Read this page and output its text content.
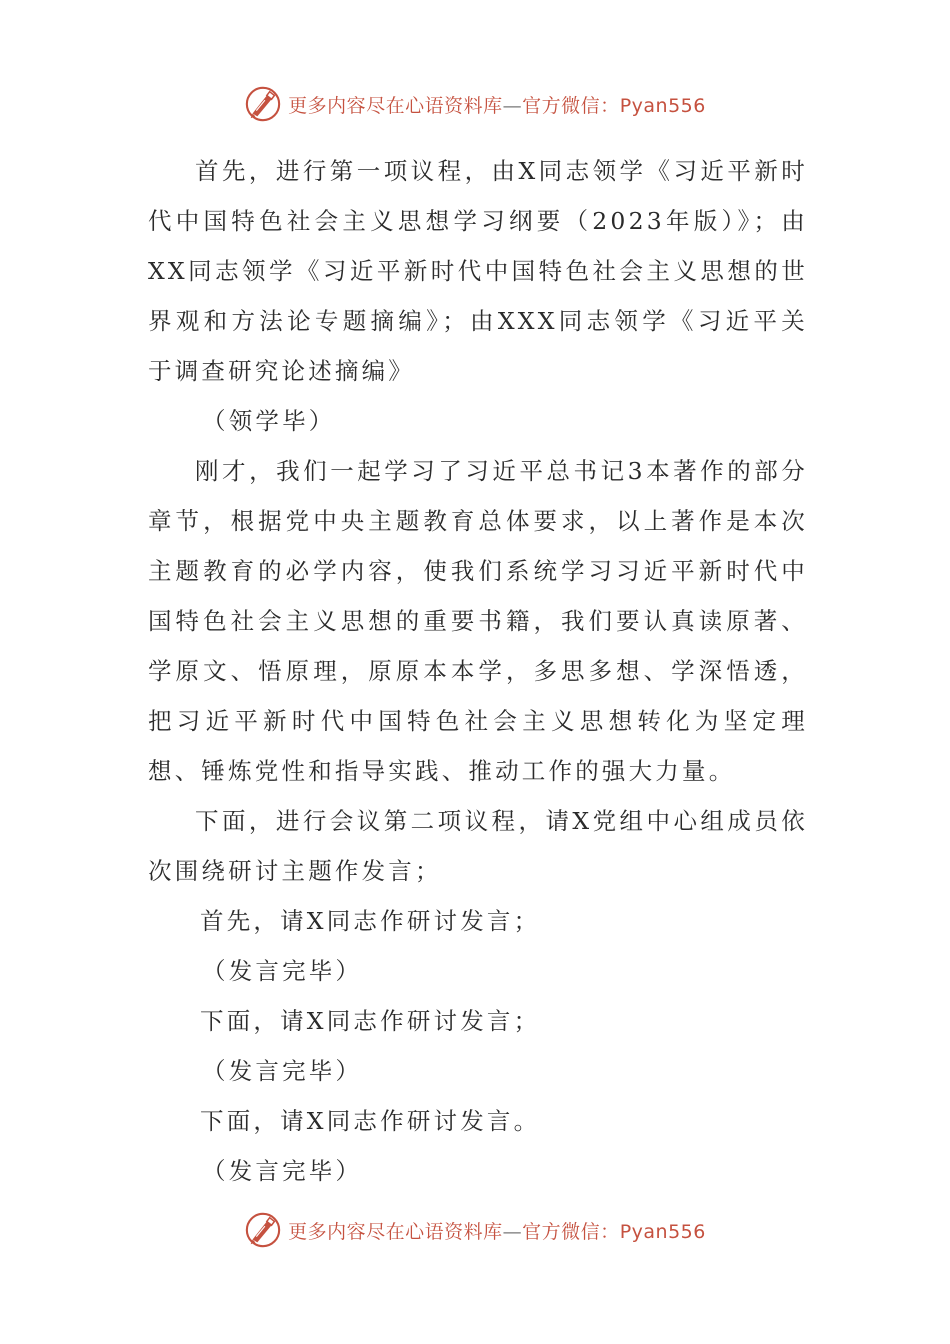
更多内容尽在心语资料库—官方微信：Pyan556

首先，进行第一项议程，由X同志领学《习近平新时代中国特色社会主义思想学习纲要（2023年版）》；由XX同志领学《习近平新时代中国特色社会主义思想的世界观和方法论专题摘编》；由XXX同志领学《习近平关于调查研究论述摘编》

（领学毕）

刚才，我们一起学习了习近平总书记3本著作的部分章节，根据党中央主题教育总体要求，以上著作是本次主题教育的必学内容，使我们系统学习习近平新时代中国特色社会主义思想的重要书籍，我们要认真读原著、学原文、悟原理，原原本本学，多思多想、学深悟透，把习近平新时代中国特色社会主义思想转化为坚定理想、锤炼党性和指导实践、推动工作的强大力量。

下面，进行会议第二项议程，请X党组中心组成员依次围绕研讨主题作发言；

首先，请X同志作研讨发言；

（发言完毕）

下面，请X同志作研讨发言；

（发言完毕）

下面，请X同志作研讨发言。

（发言完毕）

更多内容尽在心语资料库—官方微信：Pyan556
